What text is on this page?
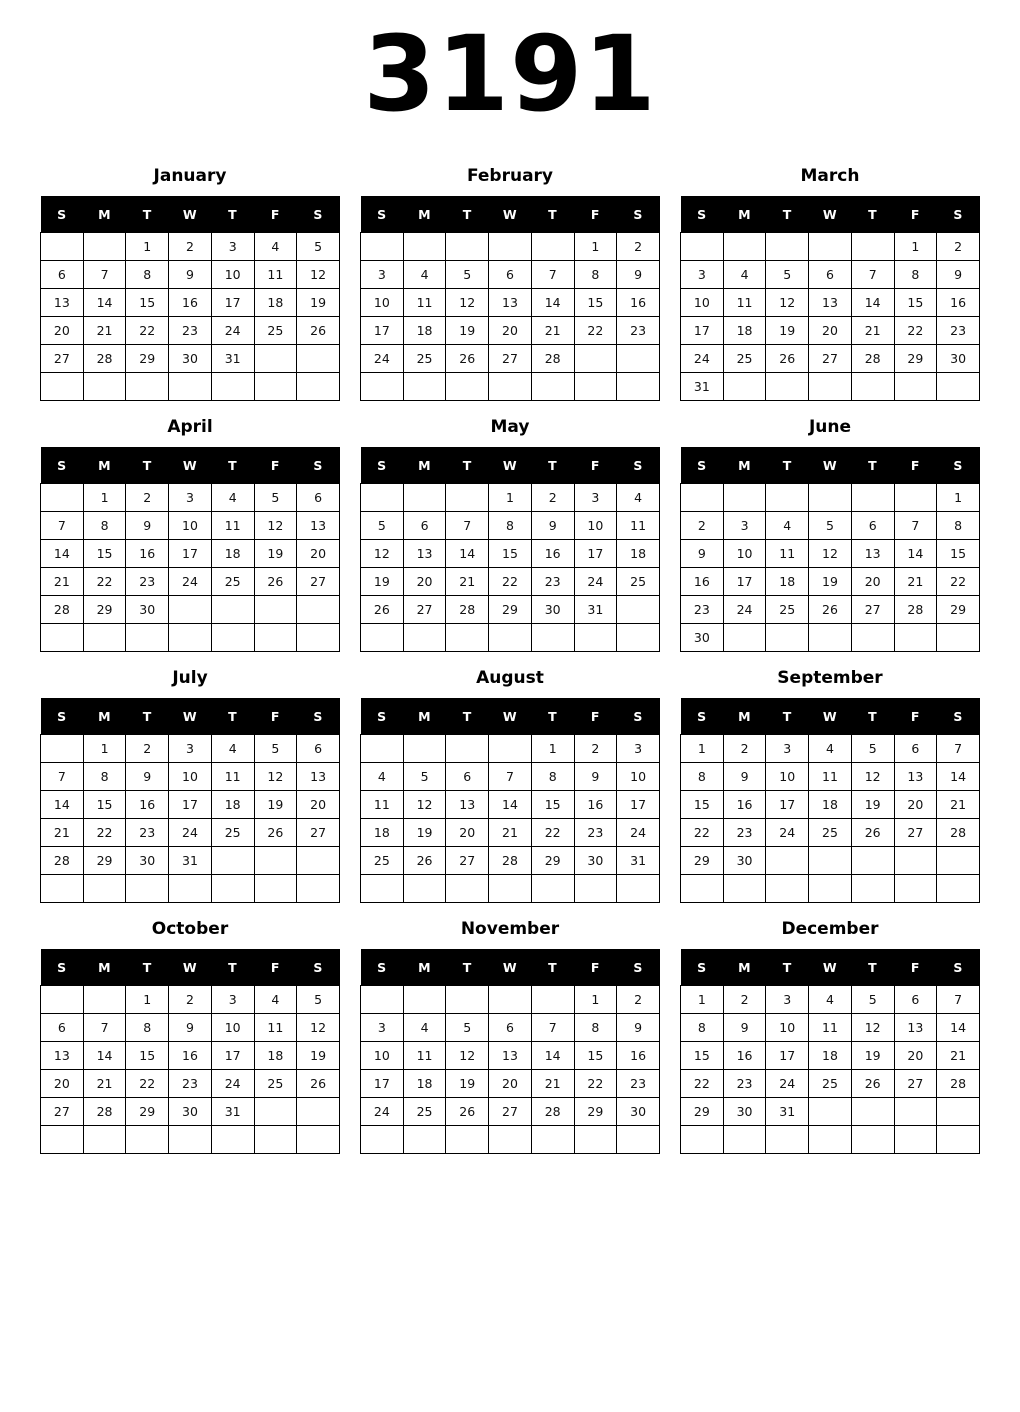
3191
January
S	M	T	W	T	F	S
		1	2	3	4	5
6	7	8	9	10	11	12
13	14	15	16	17	18	19
20	21	22	23	24	25	26
27	28	29	30	31		

February
S	M	T	W	T	F	S
					1	2
3	4	5	6	7	8	9
10	11	12	13	14	15	16
17	18	19	20	21	22	23
24	25	26	27	28		

March
S	M	T	W	T	F	S
					1	2
3	4	5	6	7	8	9
10	11	12	13	14	15	16
17	18	19	20	21	22	23
24	25	26	27	28	29	30
31						
April
S	M	T	W	T	F	S
	1	2	3	4	5	6
7	8	9	10	11	12	13
14	15	16	17	18	19	20
21	22	23	24	25	26	27
28	29	30				

May
S	M	T	W	T	F	S
			1	2	3	4
5	6	7	8	9	10	11
12	13	14	15	16	17	18
19	20	21	22	23	24	25
26	27	28	29	30	31	

June
S	M	T	W	T	F	S
						1
2	3	4	5	6	7	8
9	10	11	12	13	14	15
16	17	18	19	20	21	22
23	24	25	26	27	28	29
30						
July
S	M	T	W	T	F	S
	1	2	3	4	5	6
7	8	9	10	11	12	13
14	15	16	17	18	19	20
21	22	23	24	25	26	27
28	29	30	31			

August
S	M	T	W	T	F	S
				1	2	3
4	5	6	7	8	9	10
11	12	13	14	15	16	17
18	19	20	21	22	23	24
25	26	27	28	29	30	31

September
S	M	T	W	T	F	S
1	2	3	4	5	6	7
8	9	10	11	12	13	14
15	16	17	18	19	20	21
22	23	24	25	26	27	28
29	30					

October
S	M	T	W	T	F	S
		1	2	3	4	5
6	7	8	9	10	11	12
13	14	15	16	17	18	19
20	21	22	23	24	25	26
27	28	29	30	31		

November
S	M	T	W	T	F	S
					1	2
3	4	5	6	7	8	9
10	11	12	13	14	15	16
17	18	19	20	21	22	23
24	25	26	27	28	29	30

December
S	M	T	W	T	F	S
1	2	3	4	5	6	7
8	9	10	11	12	13	14
15	16	17	18	19	20	21
22	23	24	25	26	27	28
29	30	31				
